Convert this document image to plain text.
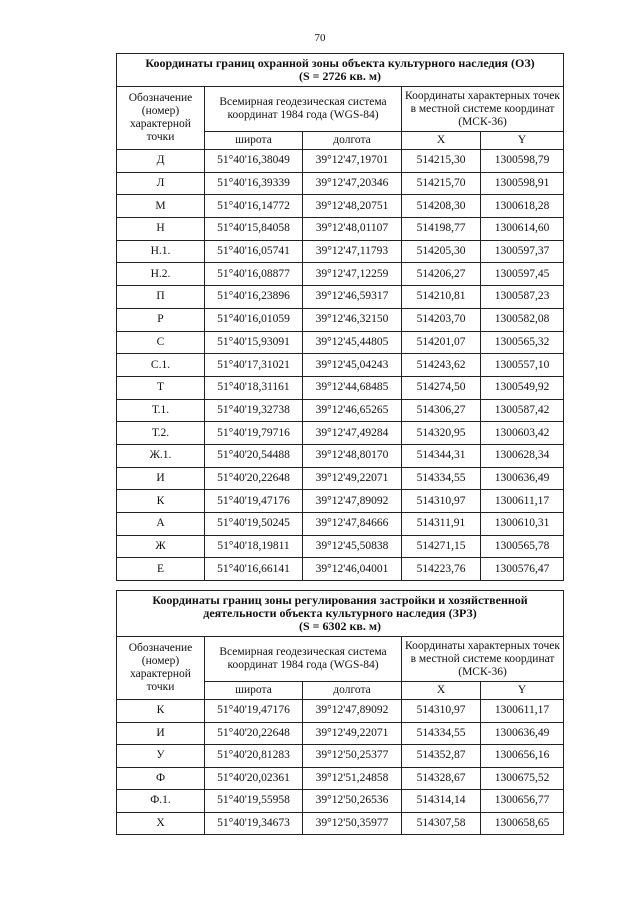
70
Координаты границ охранной зоны объекта культурного наследия (ОЗ)
(S = 2726 кв. м)				

Обозначение (номер) характерной точки	Всемирная геодезическая система координат 1984 года (WGS-84)		Координаты характерных точек в местной системе координат (МСК-36)	
	широта	долгота	X	Y
Д	51°40'16,38049	39°12'47,19701	514215,30	1300598,79
Л	51°40'16,39339	39°12'47,20346	514215,70	1300598,91
М	51°40'16,14772	39°12'48,20751	514208,30	1300618,28
Н	51°40'15,84058	39°12'48,01107	514198,77	1300614,60
Н.1.	51°40'16,05741	39°12'47,11793	514205,30	1300597,37
Н.2.	51°40'16,08877	39°12'47,12259	514206,27	1300597,45
П	51°40'16,23896	39°12'46,59317	514210,81	1300587,23
Р	51°40'16,01059	39°12'46,32150	514203,70	1300582,08
С	51°40'15,93091	39°12'45,44805	514201,07	1300565,32
С.1.	51°40'17,31021	39°12'45,04243	514243,62	1300557,10
Т	51°40'18,31161	39°12'44,68485	514274,50	1300549,92
Т.1.	51°40'19,32738	39°12'46,65265	514306,27	1300587,42
Т.2.	51°40'19,79716	39°12'47,49284	514320,95	1300603,42
Ж.1.	51°40'20,54488	39°12'48,80170	514344,31	1300628,34
И	51°40'20,22648	39°12'49,22071	514334,55	1300636,49
К	51°40'19,47176	39°12'47,89092	514310,97	1300611,17
А	51°40'19,50245	39°12'47,84666	514311,91	1300610,31
Ж	51°40'18,19811	39°12'45,50838	514271,15	1300565,78
Е	51°40'16,66141	39°12'46,04001	514223,76	1300576,47
Координаты границ зоны регулирования застройки и хозяйственной
деятельности объекта культурного наследия (ЗРЗ)
(S = 6302 кв. м)				

Обозначение (номер) характерной точки	Всемирная геодезическая система координат 1984 года (WGS-84)		Координаты характерных точек в местной системе координат (МСК-36)	
	широта	долгота	X	Y
К	51°40'19,47176	39°12'47,89092	514310,97	1300611,17
И	51°40'20,22648	39°12'49,22071	514334,55	1300636,49
У	51°40'20,81283	39°12'50,25377	514352,87	1300656,16
Ф	51°40'20,02361	39°12'51,24858	514328,67	1300675,52
Ф.1.	51°40'19,55958	39°12'50,26536	514314,14	1300656,77
Х	51°40'19,34673	39°12'50,35977	514307,58	1300658,65
